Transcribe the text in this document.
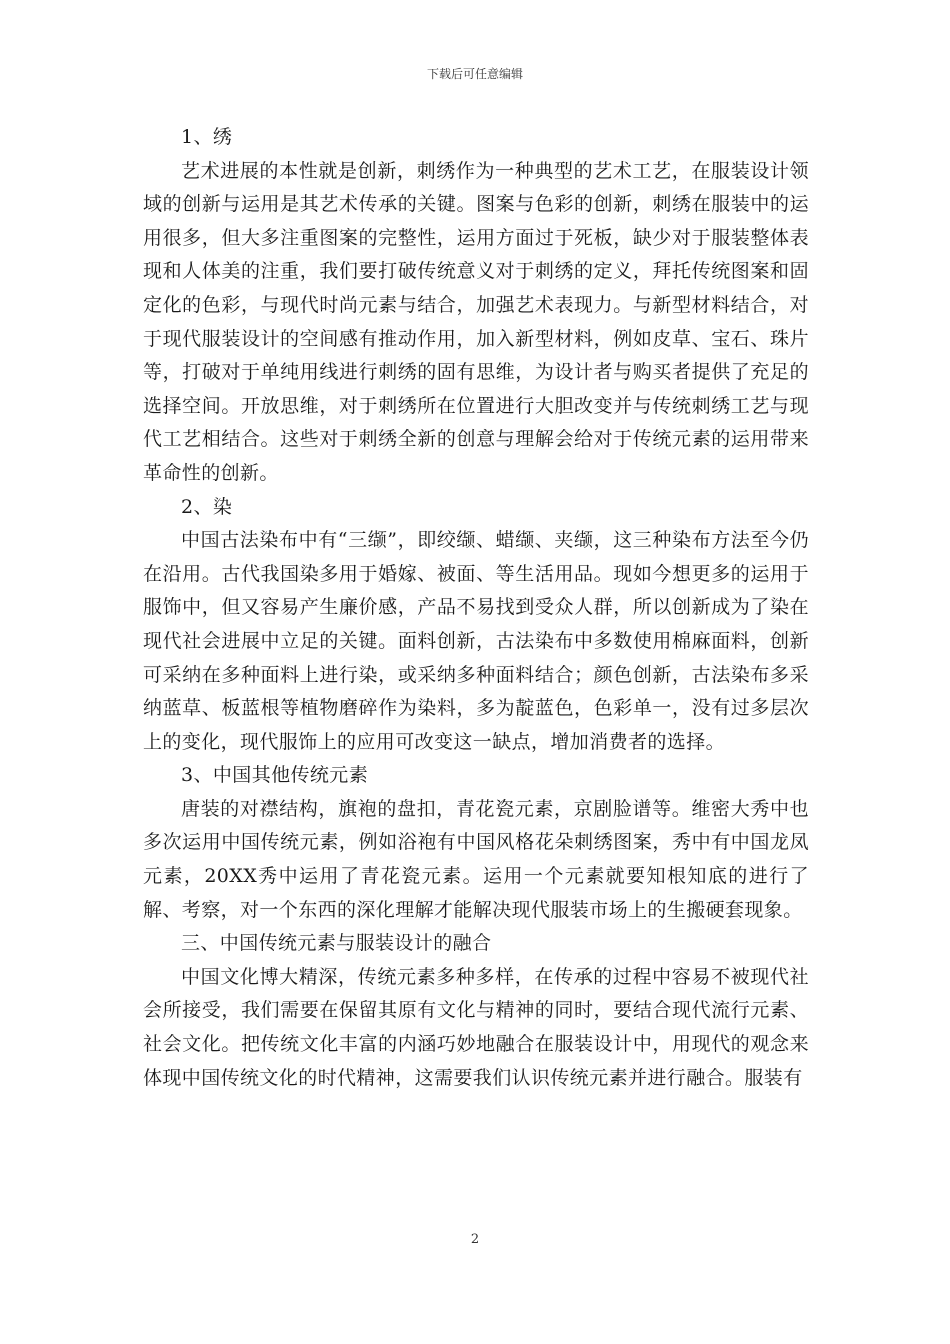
下载后可任意编辑

1、绣

艺术进展的本性就是创新，刺绣作为一种典型的艺术工艺，在服装设计领域的创新与运用是其艺术传承的关键。图案与色彩的创新，刺绣在服装中的运用很多，但大多注重图案的完整性，运用方面过于死板，缺少对于服装整体表现和人体美的注重，我们要打破传统意义对于刺绣的定义，拜托传统图案和固定化的色彩，与现代时尚元素与结合，加强艺术表现力。与新型材料结合，对于现代服装设计的空间感有推动作用，加入新型材料，例如皮草、宝石、珠片等，打破对于单纯用线进行刺绣的固有思维，为设计者与购买者提供了充足的选择空间。开放思维，对于刺绣所在位置进行大胆改变并与传统刺绣工艺与现代工艺相结合。这些对于刺绣全新的创意与理解会给对于传统元素的运用带来革命性的创新。

2、染

中国古法染布中有“三缬”，即绞缬、蜡缬、夹缬，这三种染布方法至今仍在沿用。古代我国染多用于婚嫁、被面、等生活用品。现如今想更多的运用于服饰中，但又容易产生廉价感，产品不易找到受众人群，所以创新成为了染在现代社会进展中立足的关键。面料创新，古法染布中多数使用棉麻面料，创新可采纳在多种面料上进行染，或采纳多种面料结合；颜色创新，古法染布多采纳蓝草、板蓝根等植物磨碎作为染料，多为靛蓝色，色彩单一，没有过多层次上的变化，现代服饰上的应用可改变这一缺点，增加消费者的选择。

3、中国其他传统元素

唐装的对襟结构，旗袍的盘扣，青花瓷元素，京剧脸谱等。维密大秀中也多次运用中国传统元素，例如浴袍有中国风格花朵刺绣图案，秀中有中国龙凤元素，20XX秀中运用了青花瓷元素。运用一个元素就要知根知底的进行了解、考察，对一个东西的深化理解才能解决现代服装市场上的生搬硬套现象。

三、中国传统元素与服装设计的融合

中国文化博大精深，传统元素多种多样，在传承的过程中容易不被现代社会所接受，我们需要在保留其原有文化与精神的同时，要结合现代流行元素、社会文化。把传统文化丰富的内涵巧妙地融合在服装设计中，用现代的观念来体现中国传统文化的时代精神，这需要我们认识传统元素并进行融合。服装有

2
